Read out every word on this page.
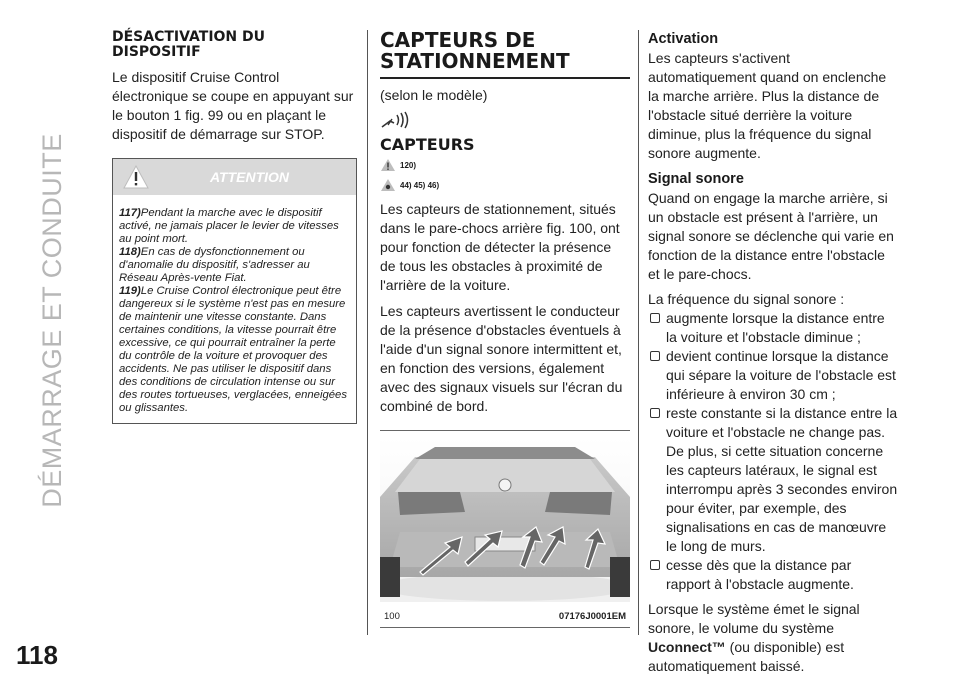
DÉMARRAGE ET CONDUITE
118
DÉSACTIVATION DU DISPOSITIF
Le dispositif Cruise Control électronique se coupe en appuyant sur le bouton 1 fig. 99 ou en plaçant le dispositif de démarrage sur STOP.
ATTENTION
117)Pendant la marche avec le dispositif activé, ne jamais placer le levier de vitesses au point mort.
118)En cas de dysfonctionnement ou d'anomalie du dispositif, s'adresser au Réseau Après-vente Fiat.
119)Le Cruise Control électronique peut être dangereux si le système n'est pas en mesure de maintenir une vitesse constante. Dans certaines conditions, la vitesse pourrait être excessive, ce qui pourrait entraîner la perte du contrôle de la voiture et provoquer des accidents. Ne pas utiliser le dispositif dans des conditions de circulation intense ou sur des routes tortueuses, verglacées, enneigées ou glissantes.
CAPTEURS DE STATIONNEMENT
(selon le modèle)
CAPTEURS
120)
44) 45) 46)
Les capteurs de stationnement, situés dans le pare-chocs arrière fig. 100, ont pour fonction de détecter la présence de tous les obstacles à proximité de l'arrière de la voiture.
Les capteurs avertissent le conducteur de la présence d'obstacles éventuels à l'aide d'un signal sonore intermittent et, en fonction des versions, également avec des signaux visuels sur l'écran du combiné de bord.
100	07176J0001EM
Activation
Les capteurs s'activent automatiquement quand on enclenche la marche arrière. Plus la distance de l'obstacle situé derrière la voiture diminue, plus la fréquence du signal sonore augmente.
Signal sonore
Quand on engage la marche arrière, si un obstacle est présent à l'arrière, un signal sonore se déclenche qui varie en fonction de la distance entre l'obstacle et le pare-chocs.
La fréquence du signal sonore :
augmente lorsque la distance entre la voiture et l'obstacle diminue ;
devient continue lorsque la distance qui sépare la voiture de l'obstacle est inférieure à environ 30 cm ;
reste constante si la distance entre la voiture et l'obstacle ne change pas. De plus, si cette situation concerne les capteurs latéraux, le signal est interrompu après 3 secondes environ pour éviter, par exemple, des signalisations en cas de manœuvre le long de murs.
cesse dès que la distance par rapport à l'obstacle augmente.
Lorsque le système émet le signal sonore, le volume du système Uconnect™ (ou disponible) est automatiquement baissé.
